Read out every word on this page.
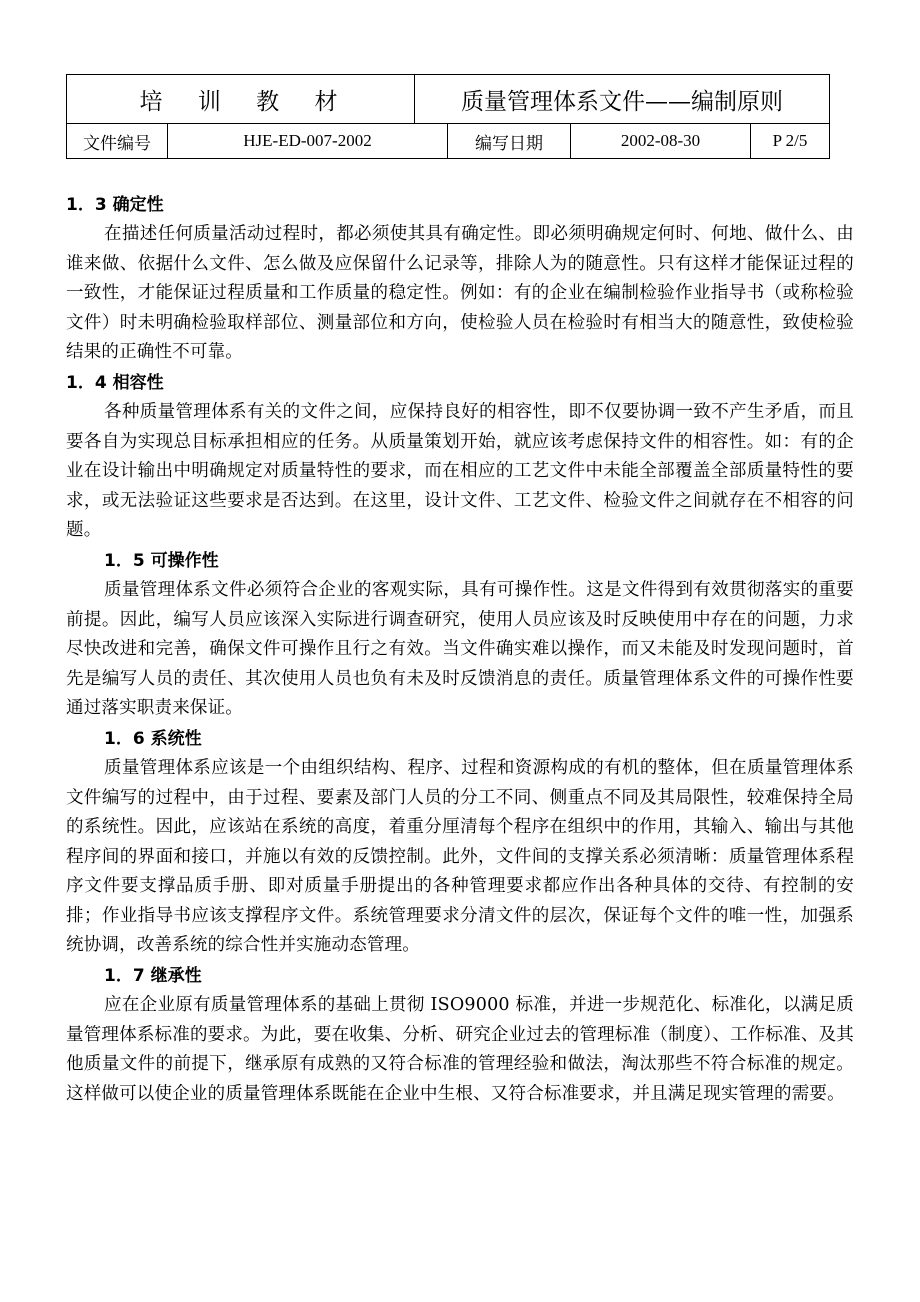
培 训 教 材	质量管理体系文件——编制原则
文件编号	HJE-ED-007-2002	编写日期	2002-08-30	P 2/5
1．3 确定性

在描述任何质量活动过程时，都必须使其具有确定性。即必须明确规定何时、何地、做什么、由谁来做、依据什么文件、怎么做及应保留什么记录等，排除人为的随意性。只有这样才能保证过程的一致性，才能保证过程质量和工作质量的稳定性。例如：有的企业在编制检验作业指导书（或称检验文件）时未明确检验取样部位、测量部位和方向，使检验人员在检验时有相当大的随意性，致使检验结果的正确性不可靠。

1．4 相容性

各种质量管理体系有关的文件之间，应保持良好的相容性，即不仅要协调一致不产生矛盾，而且要各自为实现总目标承担相应的任务。从质量策划开始，就应该考虑保持文件的相容性。如：有的企业在设计输出中明确规定对质量特性的要求，而在相应的工艺文件中未能全部覆盖全部质量特性的要求，或无法验证这些要求是否达到。在这里，设计文件、工艺文件、检验文件之间就存在不相容的问题。

1．5 可操作性

质量管理体系文件必须符合企业的客观实际，具有可操作性。这是文件得到有效贯彻落实的重要前提。因此，编写人员应该深入实际进行调查研究，使用人员应该及时反映使用中存在的问题，力求尽快改进和完善，确保文件可操作且行之有效。当文件确实难以操作，而又未能及时发现问题时，首先是编写人员的责任、其次使用人员也负有未及时反馈消息的责任。质量管理体系文件的可操作性要通过落实职责来保证。

1．6 系统性

质量管理体系应该是一个由组织结构、程序、过程和资源构成的有机的整体，但在质量管理体系文件编写的过程中，由于过程、要素及部门人员的分工不同、侧重点不同及其局限性，较难保持全局的系统性。因此，应该站在系统的高度，着重分厘清每个程序在组织中的作用，其输入、输出与其他程序间的界面和接口，并施以有效的反馈控制。此外，文件间的支撑关系必须清晰：质量管理体系程序文件要支撑品质手册、即对质量手册提出的各种管理要求都应作出各种具体的交待、有控制的安排；作业指导书应该支撑程序文件。系统管理要求分清文件的层次，保证每个文件的唯一性，加强系统协调，改善系统的综合性并实施动态管理。

1．7 继承性

应在企业原有质量管理体系的基础上贯彻 ISO9000 标准，并进一步规范化、标准化，以满足质量管理体系标准的要求。为此，要在收集、分析、研究企业过去的管理标准（制度）、工作标准、及其他质量文件的前提下，继承原有成熟的又符合标准的管理经验和做法，淘汰那些不符合标准的规定。这样做可以使企业的质量管理体系既能在企业中生根、又符合标准要求，并且满足现实管理的需要。
